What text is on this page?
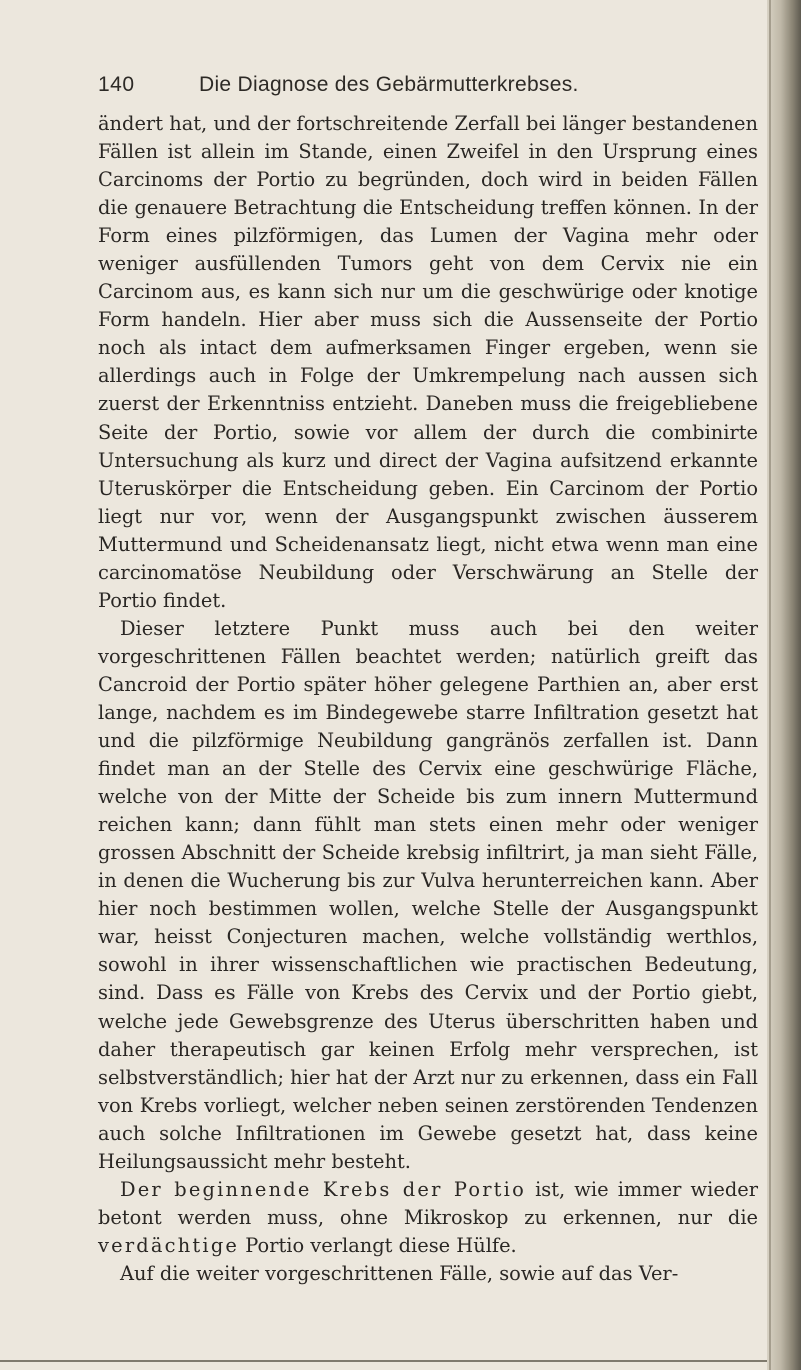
140	Die Diagnose des Gebärmutterkrebses.

ändert hat, und der fortschreitende Zerfall bei länger bestandenen Fällen ist allein im Stande, einen Zweifel in den Ursprung eines Carcinoms der Portio zu begründen, doch wird in beiden Fällen die genauere Betrachtung die Entscheidung treffen können. In der Form eines pilzförmigen, das Lumen der Vagina mehr oder weniger ausfüllenden Tumors geht von dem Cervix nie ein Carcinom aus, es kann sich nur um die geschwürige oder knotige Form handeln. Hier aber muss sich die Aussenseite der Portio noch als intact dem aufmerksamen Finger ergeben, wenn sie allerdings auch in Folge der Umkrempelung nach aussen sich zuerst der Erkenntniss entzieht. Daneben muss die freigebliebene Seite der Portio, sowie vor allem der durch die combinirte Untersuchung als kurz und direct der Vagina aufsitzend erkannte Uteruskörper die Entscheidung geben. Ein Carcinom der Portio liegt nur vor, wenn der Ausgangspunkt zwischen äusserem Muttermund und Scheidenansatz liegt, nicht etwa wenn man eine carcinomatöse Neubildung oder Verschwärung an Stelle der Portio findet.

Dieser letztere Punkt muss auch bei den weiter vorgeschrittenen Fällen beachtet werden; natürlich greift das Cancroid der Portio später höher gelegene Parthien an, aber erst lange, nachdem es im Bindegewebe starre Infiltration gesetzt hat und die pilzförmige Neubildung gangränös zerfallen ist. Dann findet man an der Stelle des Cervix eine geschwürige Fläche, welche von der Mitte der Scheide bis zum innern Muttermund reichen kann; dann fühlt man stets einen mehr oder weniger grossen Abschnitt der Scheide krebsig infiltrirt, ja man sieht Fälle, in denen die Wucherung bis zur Vulva herunterreichen kann. Aber hier noch bestimmen wollen, welche Stelle der Ausgangspunkt war, heisst Conjecturen machen, welche vollständig werthlos, sowohl in ihrer wissenschaftlichen wie practischen Bedeutung, sind. Dass es Fälle von Krebs des Cervix und der Portio giebt, welche jede Gewebsgrenze des Uterus überschritten haben und daher therapeutisch gar keinen Erfolg mehr versprechen, ist selbstverständlich; hier hat der Arzt nur zu erkennen, dass ein Fall von Krebs vorliegt, welcher neben seinen zerstörenden Tendenzen auch solche Infiltrationen im Gewebe gesetzt hat, dass keine Heilungsaussicht mehr besteht.

Der beginnende Krebs der Portio ist, wie immer wieder betont werden muss, ohne Mikroskop zu erkennen, nur die verdächtige Portio verlangt diese Hülfe.

Auf die weiter vorgeschrittenen Fälle, sowie auf das Ver-
